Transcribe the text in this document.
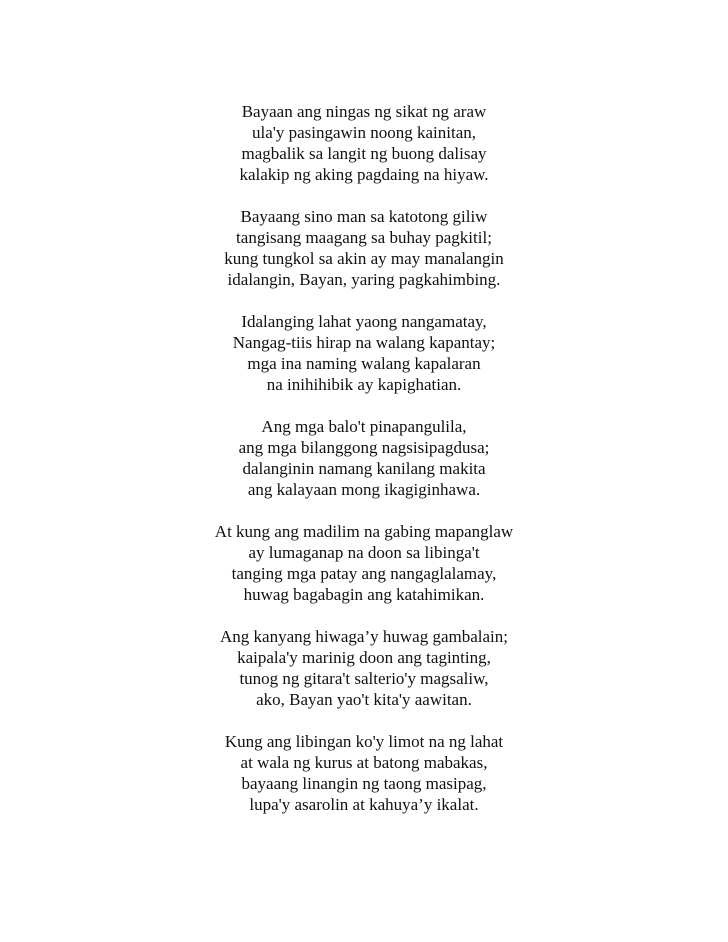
Bayaan ang ningas ng sikat ng araw
ula'y pasingawin noong kainitan,
magbalik sa langit ng buong dalisay
kalakip ng aking pagdaing na hiyaw.
Bayaang sino man sa katotong giliw
tangisang maagang sa buhay pagkitil;
kung tungkol sa akin ay may manalangin
idalangin, Bayan, yaring pagkahimbing.
Idalanging lahat yaong nangamatay,
Nangag-tiis hirap na walang kapantay;
mga ina naming walang kapalaran
na inihihibik ay kapighatian.
Ang mga balo't pinapangulila,
ang mga bilanggong nagsisipagdusa;
dalanginin namang kanilang makita
ang kalayaan mong ikagiginhawa.
At kung ang madilim na gabing mapanglaw
ay lumaganap na doon sa libinga't
tanging mga patay ang nangaglalamay,
huwag bagabagin ang katahimikan.
Ang kanyang hiwaga’y huwag gambalain;
kaipala'y marinig doon ang taginting,
tunog ng gitara't salterio'y magsaliw,
ako, Bayan yao't kita'y aawitan.
Kung ang libingan ko'y limot na ng lahat
at wala ng kurus at batong mabakas,
bayaang linangin ng taong masipag,
lupa'y asarolin at kahuya’y ikalat.
